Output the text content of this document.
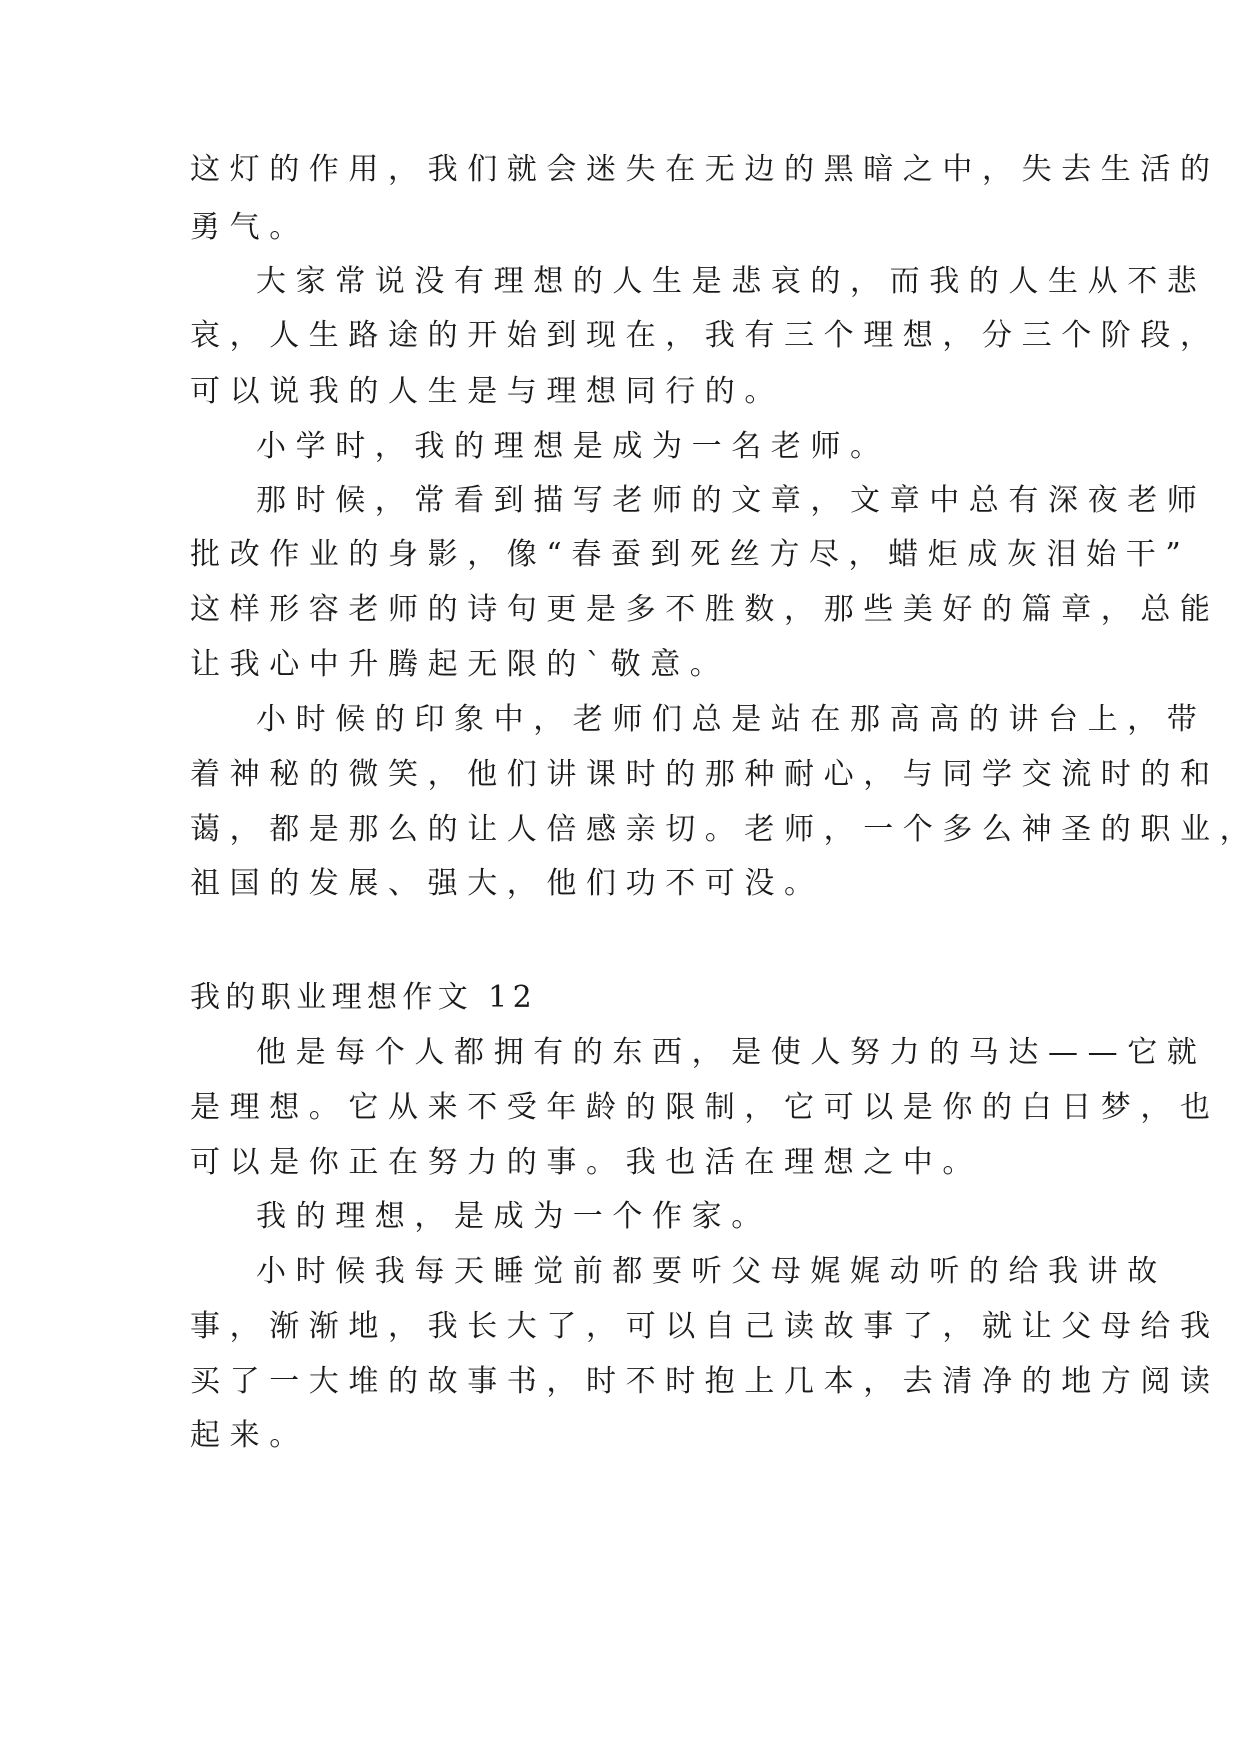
这灯的作用，我们就会迷失在无边的黑暗之中，失去生活的
勇气。
大家常说没有理想的人生是悲哀的，而我的人生从不悲
哀，人生路途的开始到现在，我有三个理想，分三个阶段，
可以说我的人生是与理想同行的。
小学时，我的理想是成为一名老师。
那时候，常看到描写老师的文章，文章中总有深夜老师
批改作业的身影，像“春蚕到死丝方尽，蜡炬成灰泪始干”
这样形容老师的诗句更是多不胜数，那些美好的篇章，总能
让我心中升腾起无限的`敬意。
小时候的印象中，老师们总是站在那高高的讲台上，带
着神秘的微笑，他们讲课时的那种耐心，与同学交流时的和
蔼，都是那么的让人倍感亲切。老师，一个多么神圣的职业，
祖国的发展、强大，他们功不可没。
我的职业理想作文 12
他是每个人都拥有的东西，是使人努力的马达——它就
是理想。它从来不受年龄的限制，它可以是你的白日梦，也
可以是你正在努力的事。我也活在理想之中。
我的理想，是成为一个作家。
小时候我每天睡觉前都要听父母娓娓动听的给我讲故
事，渐渐地，我长大了，可以自己读故事了，就让父母给我
买了一大堆的故事书，时不时抱上几本，去清净的地方阅读
起来。
